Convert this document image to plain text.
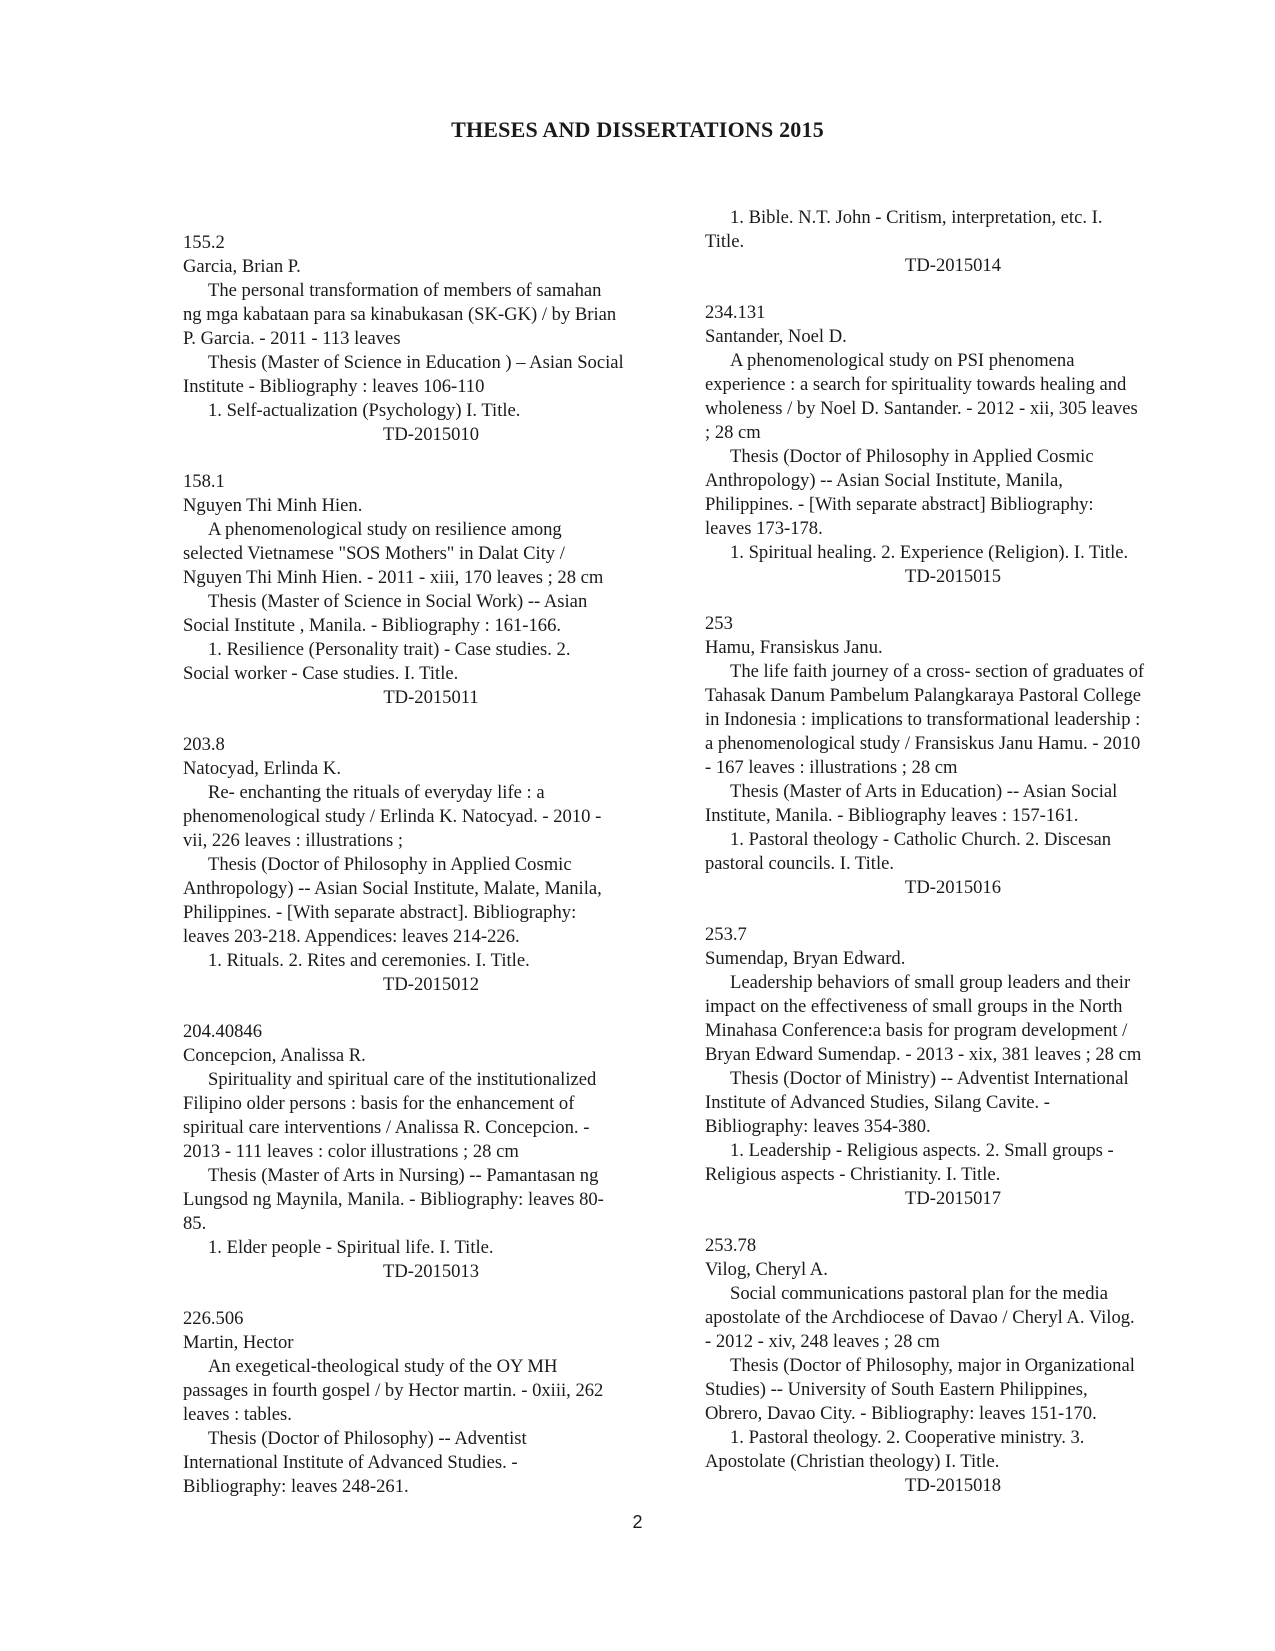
THESES AND DISSERTATIONS 2015
155.2
Garcia, Brian P.
The personal transformation of members of samahan
ng mga kabataan para sa kinabukasan (SK-GK) / by Brian
P. Garcia. - 2011 - 113 leaves
Thesis (Master of Science in Education ) – Asian Social
Institute - Bibliography : leaves 106-110
1. Self-actualization (Psychology) I. Title.
TD-2015010
158.1
Nguyen Thi Minh Hien.
A phenomenological study on resilience among
selected Vietnamese "SOS Mothers" in Dalat City /
Nguyen Thi Minh Hien. - 2011 - xiii, 170 leaves ; 28 cm
Thesis (Master of Science in Social Work) -- Asian
Social Institute , Manila. - Bibliography : 161-166.
1. Resilience (Personality trait) - Case studies. 2.
Social worker - Case studies. I. Title.
TD-2015011
203.8
Natocyad, Erlinda K.
Re- enchanting the rituals of everyday life : a
phenomenological study / Erlinda K. Natocyad. - 2010 -
vii, 226 leaves : illustrations ;
Thesis (Doctor of Philosophy in Applied Cosmic
Anthropology) -- Asian Social Institute, Malate, Manila,
Philippines. - [With separate abstract]. Bibliography:
leaves 203-218. Appendices: leaves 214-226.
1. Rituals. 2. Rites and ceremonies. I. Title.
TD-2015012
204.40846
Concepcion, Analissa R.
Spirituality and spiritual care of the institutionalized
Filipino older persons : basis for the enhancement of
spiritual care interventions / Analissa R. Concepcion. -
2013 - 111 leaves : color illustrations ; 28 cm
Thesis (Master of Arts in Nursing) -- Pamantasan ng
Lungsod ng Maynila, Manila. - Bibliography: leaves 80-
85.
1. Elder people - Spiritual life. I. Title.
TD-2015013
226.506
Martin, Hector
An exegetical-theological study of the OY MH
passages in fourth gospel / by Hector martin. - 0xiii, 262
leaves : tables.
Thesis (Doctor of Philosophy) -- Adventist
International Institute of Advanced Studies. -
Bibliography: leaves 248-261.
1. Bible. N.T. John - Critism, interpretation, etc. I.
Title.
TD-2015014
234.131
Santander, Noel D.
A phenomenological study on PSI phenomena
experience : a search for spirituality towards healing and
wholeness / by Noel D. Santander. - 2012 - xii, 305 leaves
; 28 cm
Thesis (Doctor of Philosophy in Applied Cosmic
Anthropology) -- Asian Social Institute, Manila,
Philippines. - [With separate abstract] Bibliography:
leaves 173-178.
1. Spiritual healing. 2. Experience (Religion). I. Title.
TD-2015015
253
Hamu, Fransiskus Janu.
The life faith journey of a cross- section of graduates of
Tahasak Danum Pambelum Palangkaraya Pastoral College
in Indonesia : implications to transformational leadership :
a phenomenological study / Fransiskus Janu Hamu. - 2010
- 167 leaves : illustrations ; 28 cm
Thesis (Master of Arts in Education) -- Asian Social
Institute, Manila. - Bibliography leaves : 157-161.
1. Pastoral theology - Catholic Church. 2. Discesan
pastoral councils. I. Title.
TD-2015016
253.7
Sumendap, Bryan Edward.
Leadership behaviors of small group leaders and their
impact on the effectiveness of small groups in the North
Minahasa Conference:a basis for program development /
Bryan Edward Sumendap. - 2013 - xix, 381 leaves ; 28 cm
Thesis (Doctor of Ministry) -- Adventist International
Institute of Advanced Studies, Silang Cavite. -
Bibliography: leaves 354-380.
1. Leadership - Religious aspects. 2. Small groups -
Religious aspects - Christianity. I. Title.
TD-2015017
253.78
Vilog, Cheryl A.
Social communications pastoral plan for the media
apostolate of the Archdiocese of Davao / Cheryl A. Vilog.
- 2012 - xiv, 248 leaves ; 28 cm
Thesis (Doctor of Philosophy, major in Organizational
Studies) -- University of South Eastern Philippines,
Obrero, Davao City. - Bibliography: leaves 151-170.
1. Pastoral theology. 2. Cooperative ministry. 3.
Apostolate (Christian theology) I. Title.
TD-2015018
2
